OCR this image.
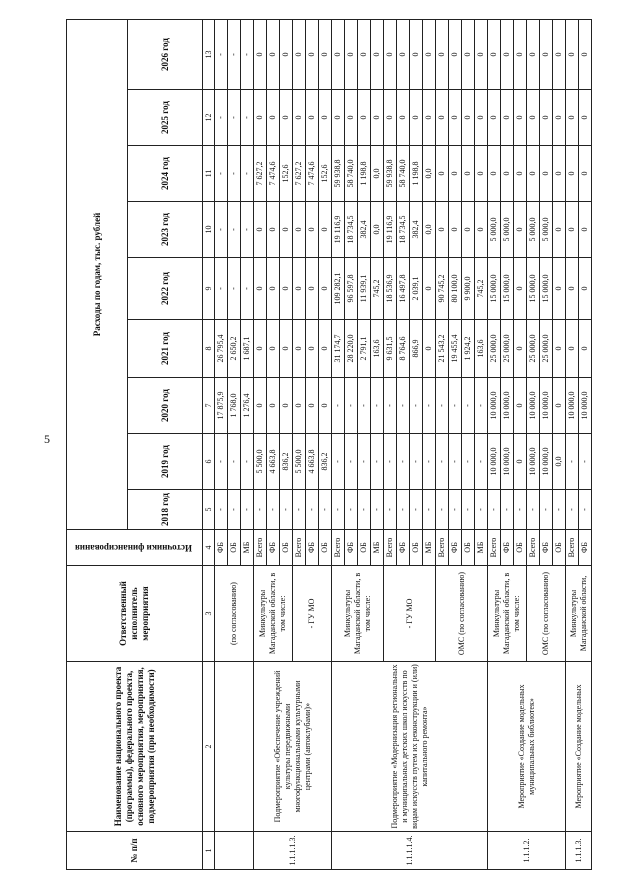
5
№ п/п	Наименование национального проекта (программы), федерального проекта, основного мероприятия, мероприятия, подмероприятия (при необходимости)	Ответственный исполнитель мероприятия	Источники финансирования	Расходы по годам, тыс. рублей								
				2018 год	2019 год	2020 год	2021 год	2022 год	2023 год	2024 год	2025 год	2026 год
1	2	3	4	5	6	7	8	9	10	11	12	13
		(по согласованию)	ФБ	-	-	17 875,9	26 795,4	-	-	-	-	-
			ОБ	-	-	1 768,0	2 650,2	-	-	-	-	-
			МБ	-	-	1 276,4	1 687,1	-	-	-	-	-
1.1.1.1.3.	Подмероприятие «Обеспечение учреждений культуры передвижными многофункциональными культурными центрами (автоклубами)»	Минкультуры Магаданской области, в том числе:	Всего	-	5 500,0	0	0	0	0	7 627,2	0	0
			ФБ	-	4 663,8	0	0	0	0	7 474,6	0	0
			ОБ	-	836,2	0	0	0	0	152,6	0	0
		- ГУ МО	Всего	-	5 500,0	0	0	0	0	7 627,2	0	0
			ФБ	-	4 663,8	0	0	0	0	7 474,6	0	0
			ОБ	-	836,2	0	0	0	0	152,6	0	0
1.1.1.1.4.	Подмероприятие «Модернизация региональных и муниципальных детских школ искусств по видам искусств путем их реконструкции и (или) капитального ремонта»	Минкультуры Магаданской области, в том числе:	Всего	-	-	-	31 174,7	109 282,1	19 116,9	59 938,8	0	0
			ФБ	-	-	-	28 220,0	96 597,8	18 734,5	58 740,0	0	0
			ОБ	-	-	-	2 791,1	11 939,1	382,4	1 198,8	0	0
			МБ	-	-	-	163,6	745,2	0,0	0,0	0	0
		- ГУ МО	Всего	-	-	-	9 631,5	18 536,9	19 116,9	59 938,8	0	0
			ФБ	-	-	-	8 764,6	16 497,8	18 734,5	58 740,0	0	0
			ОБ	-	-	-	866,9	2 039,1	382,4	1 198,8	0	0
			МБ	-	-	-	0	0	0,0	0,0	0	0
		ОМС (по согласованию)	Всего	-	-	-	21 543,2	90 745,2	0	0	0	0
			ФБ	-	-	-	19 455,4	80 100,0	0	0	0	0
			ОБ	-	-	-	1 924,2	9 900,0	0	0	0	0
			МБ	-	-	-	163,6	745,2	0	0	0	0
1.1.1.2.	Мероприятие «Создание модельных муниципальных библиотек»	Минкультуры Магаданской области, в том числе:	Всего	-	10 000,0	10 000,0	25 000,0	15 000,0	5 000,0	0	0	0
			ФБ	-	10 000,0	10 000,0	25 000,0	15 000,0	5 000,0	0	0	0
			ОБ	-	0	0	0	0	0	0	0	0
		ОМС (по согласованию)	Всего	-	10 000,0	10 000,0	25 000,0	15 000,0	5 000,0	0	0	0
			ФБ	-	10 000,0	10 000,0	25 000,0	15 000,0	5 000,0	0	0	0
			ОБ	-	0,0	0	0	0	0	0	0	0
1.1.1.3.	Мероприятие «Создание модельных	Минкультуры Магаданской области,	Всего	-	-	10 000,0	0	0	0	0	0	0
			ФБ	-	-	10 000,0	0	0	0	0	0	0
